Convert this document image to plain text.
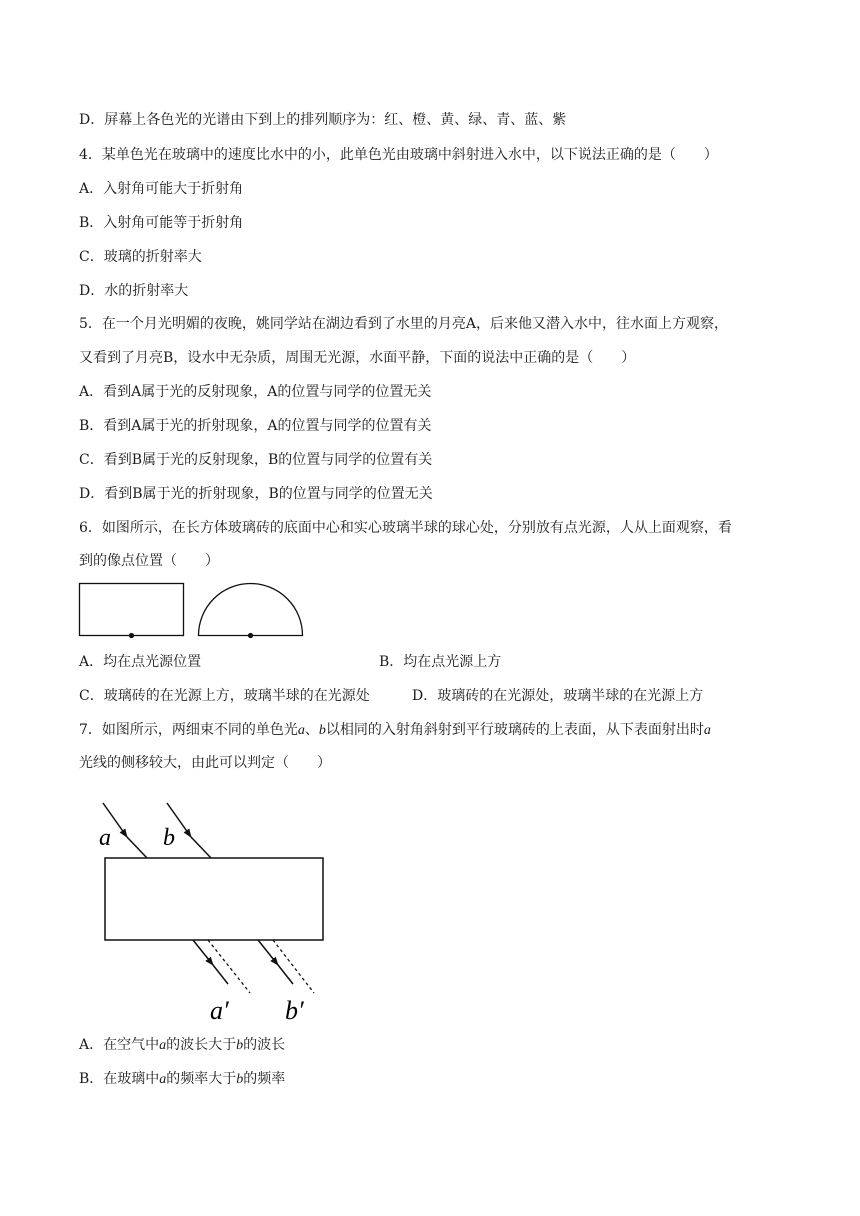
D．屏幕上各色光的光谱由下到上的排列顺序为：红、橙、黄、绿、青、蓝、紫
4．某单色光在玻璃中的速度比水中的小，此单色光由玻璃中斜射进入水中，以下说法正确的是（　　）
A．入射角可能大于折射角
B．入射角可能等于折射角
C．玻璃的折射率大
D．水的折射率大
5．在一个月光明媚的夜晚，姚同学站在湖边看到了水里的月亮A，后来他又潜入水中，往水面上方观察，
又看到了月亮B，设水中无杂质，周围无光源，水面平静，下面的说法中正确的是（　　）
A．看到A属于光的反射现象，A的位置与同学的位置无关
B．看到A属于光的折射现象，A的位置与同学的位置有关
C．看到B属于光的反射现象，B的位置与同学的位置有关
D．看到B属于光的折射现象，B的位置与同学的位置无关
6．如图所示，在长方体玻璃砖的底面中心和实心玻璃半球的球心处，分别放有点光源，人从上面观察，看
到的像点位置（　　）
A．均在点光源位置	B．均在点光源上方
C．玻璃砖的在光源上方，玻璃半球的在光源处	D．玻璃砖的在光源处，玻璃半球的在光源上方
7．如图所示，两细束不同的单色光a、b以相同的入射角斜射到平行玻璃砖的上表面，从下表面射出时a
光线的侧移较大，由此可以判定（　　）
a b
a′ b′
A．在空气中a的波长大于b的波长
B．在玻璃中a的频率大于b的频率
